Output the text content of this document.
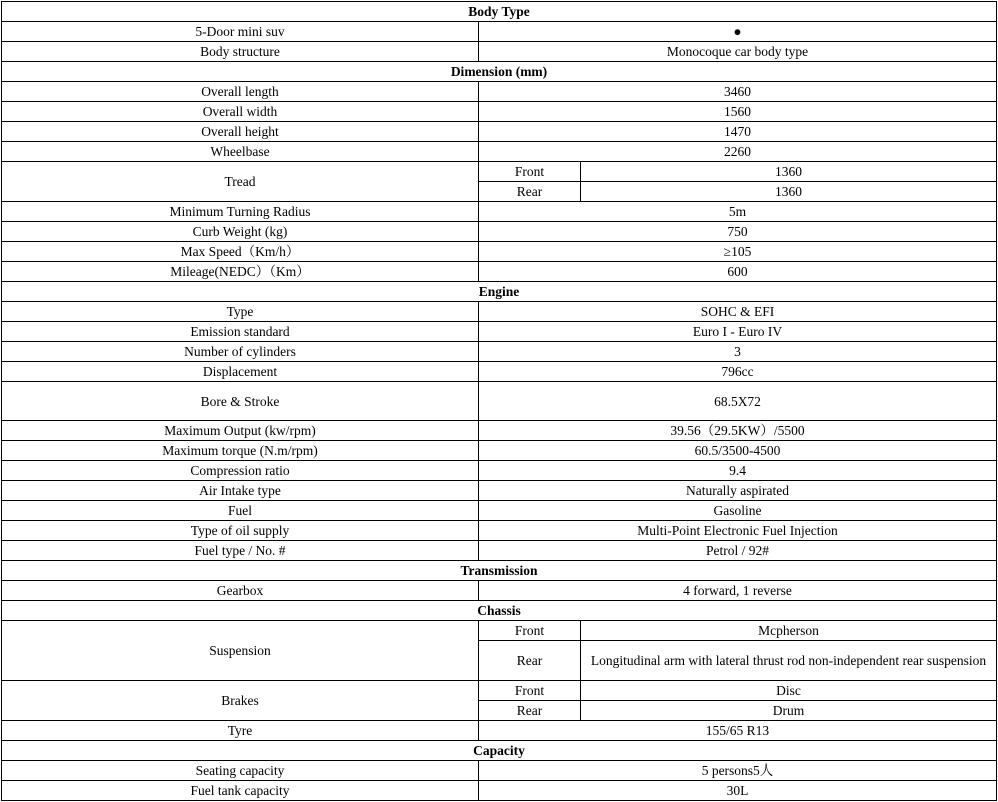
Body Type		
5-Door mini suv	●	
Body structure	Monocoque car body type	
Dimension (mm)		
Overall length	3460	
Overall width	1560	
Overall height	1470	
Wheelbase	2260	
Tread	Front	1360
	Rear	1360
Minimum Turning Radius	5m	
Curb Weight (kg)	750	
Max Speed（Km/h）	≥105	
Mileage(NEDC）（Km）	600	
Engine		
Type	SOHC & EFI	
Emission standard	Euro I - Euro IV	
Number of cylinders	3	
Displacement	796cc	
Bore & Stroke	68.5X72	
Maximum Output (kw/rpm)	39.56（29.5KW）/5500	
Maximum torque (N.m/rpm)	60.5/3500-4500	
Compression ratio	9.4	
Air Intake type	Naturally aspirated	
Fuel	Gasoline	
Type of oil supply	Multi-Point Electronic Fuel Injection	
Fuel type / No. #	Petrol / 92#	
Transmission		
Gearbox	4 forward, 1 reverse	
Chassis		
Suspension	Front	Mcpherson
	Rear	Longitudinal arm with lateral thrust rod non-independent rear suspension
Brakes	Front	Disc
	Rear	Drum
Tyre	155/65 R13	
Capacity		
Seating capacity	5 persons5人	
Fuel tank capacity	30L	
